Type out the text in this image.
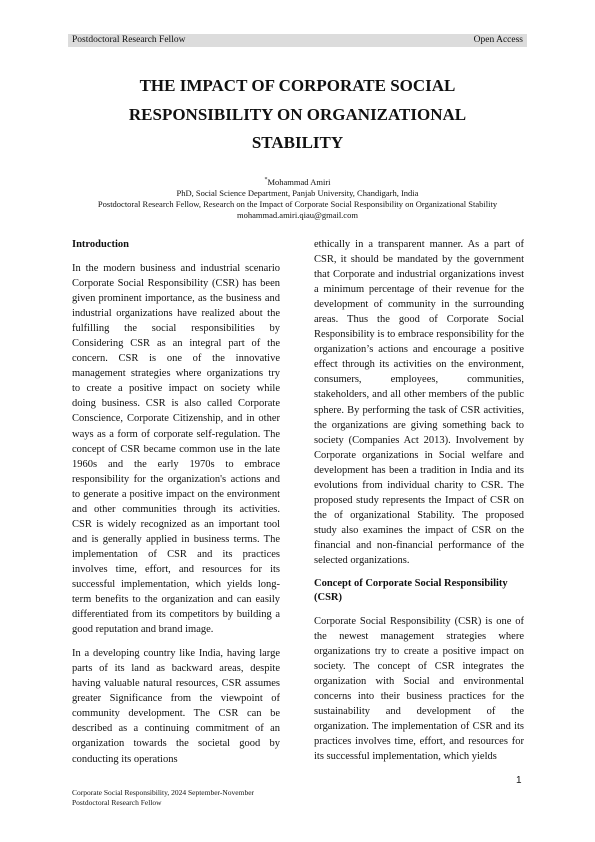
Postdoctoral Research Fellow	Open Access
THE IMPACT OF CORPORATE SOCIAL
RESPONSIBILITY ON ORGANIZATIONAL
STABILITY
*Mohammad Amiri
PhD, Social Science Department, Panjab University, Chandigarh, India
Postdoctoral Research Fellow, Research on the Impact of Corporate Social Responsibility on Organizational Stability
mohammad.amiri.qiau@gmail.com
Introduction

In the modern business and industrial scenario Corporate Social Responsibility (CSR) has been given prominent importance, as the business and industrial organizations have realized about the fulfilling the social responsibilities by Considering CSR as an integral part of the concern. CSR is one of the innovative management strategies where organizations try to create a positive impact on society while doing business. CSR is also called Corporate Conscience, Corporate Citizenship, and in other ways as a form of corporate self-regulation. The concept of CSR became common use in the late 1960s and the early 1970s to embrace responsibility for the organization's actions and to generate a positive impact on the environment and other communities through its activities. CSR is widely recognized as an important tool and is generally applied in business terms. The implementation of CSR and its practices involves time, effort, and resources for its successful implementation, which yields long-term benefits to the organization and can easily differentiated from its competitors by building a good reputation and brand image.

In a developing country like India, having large parts of its land as backward areas, despite having valuable natural resources, CSR assumes greater Significance from the viewpoint of community development. The CSR can be described as a continuing commitment of an organization towards the societal good by conducting its operations

ethically in a transparent manner. As a part of CSR, it should be mandated by the government that Corporate and industrial organizations invest a minimum percentage of their revenue for the development of community in the surrounding areas. Thus the good of Corporate Social Responsibility is to embrace responsibility for the organization’s actions and encourage a positive effect through its activities on the environment, consumers, employees, communities, stakeholders, and all other members of the public sphere. By performing the task of CSR activities, the organizations are giving something back to society (Companies Act 2013). Involvement by Corporate organizations in Social welfare and development has been a tradition in India and its evolutions from individual charity to CSR. The proposed study represents the Impact of CSR on the of organizational Stability. The proposed study also examines the impact of CSR on the financial and non-financial performance of the selected organizations.

Concept of Corporate Social Responsibility (CSR)

Corporate Social Responsibility (CSR) is one of the newest management strategies where organizations try to create a positive impact on society. The concept of CSR integrates the organization with Social and environmental concerns into their business practices for the sustainability and development of the organization. The implementation of CSR and its practices involves time, effort, and resources for its successful implementation, which yields

1
Corporate Social Responsibility, 2024 September-November
Postdoctoral Research Fellow
